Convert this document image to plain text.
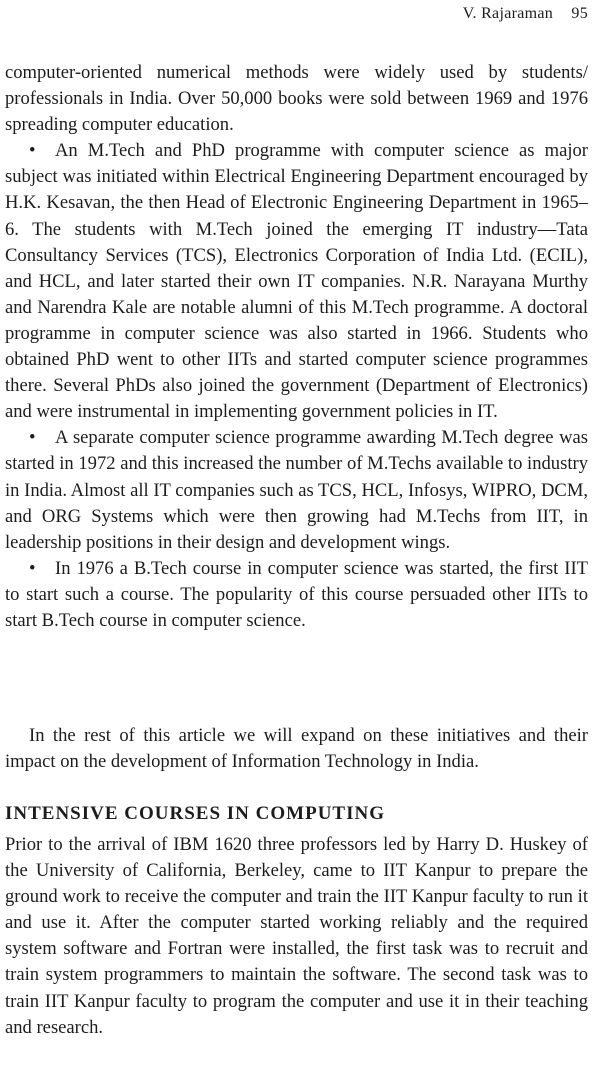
V. Rajaraman 95

computer-oriented numerical methods were widely used by students/ professionals in India. Over 50,000 books were sold between 1969 and 1976 spreading computer education.

• An M.Tech and PhD programme with computer science as major subject was initiated within Electrical Engineering Department encouraged by H.K. Kesavan, the then Head of Electronic Engineering Department in 1965–6. The students with M.Tech joined the emerging IT industry—Tata Consultancy Services (TCS), Electronics Corporation of India Ltd. (ECIL), and HCL, and later started their own IT companies. N.R. Narayana Murthy and Narendra Kale are notable alumni of this M.Tech programme. A doctoral programme in computer science was also started in 1966. Students who obtained PhD went to other IITs and started computer science programmes there. Several PhDs also joined the government (Department of Electronics) and were instrumental in implementing government policies in IT.

• A separate computer science programme awarding M.Tech degree was started in 1972 and this increased the number of M.Techs available to industry in India. Almost all IT companies such as TCS, HCL, Infosys, WIPRO, DCM, and ORG Systems which were then growing had M.Techs from IIT, in leadership positions in their design and development wings.

• In 1976 a B.Tech course in computer science was started, the first IIT to start such a course. The popularity of this course persuaded other IITs to start B.Tech course in computer science.

In the rest of this article we will expand on these initiatives and their impact on the development of Information Technology in India.

INTENSIVE COURSES IN COMPUTING

Prior to the arrival of IBM 1620 three professors led by Harry D. Huskey of the University of California, Berkeley, came to IIT Kanpur to prepare the ground work to receive the computer and train the IIT Kanpur faculty to run it and use it. After the computer started working reliably and the required system software and Fortran were installed, the first task was to recruit and train system programmers to maintain the software. The second task was to train IIT Kanpur faculty to program the computer and use it in their teaching and research.
